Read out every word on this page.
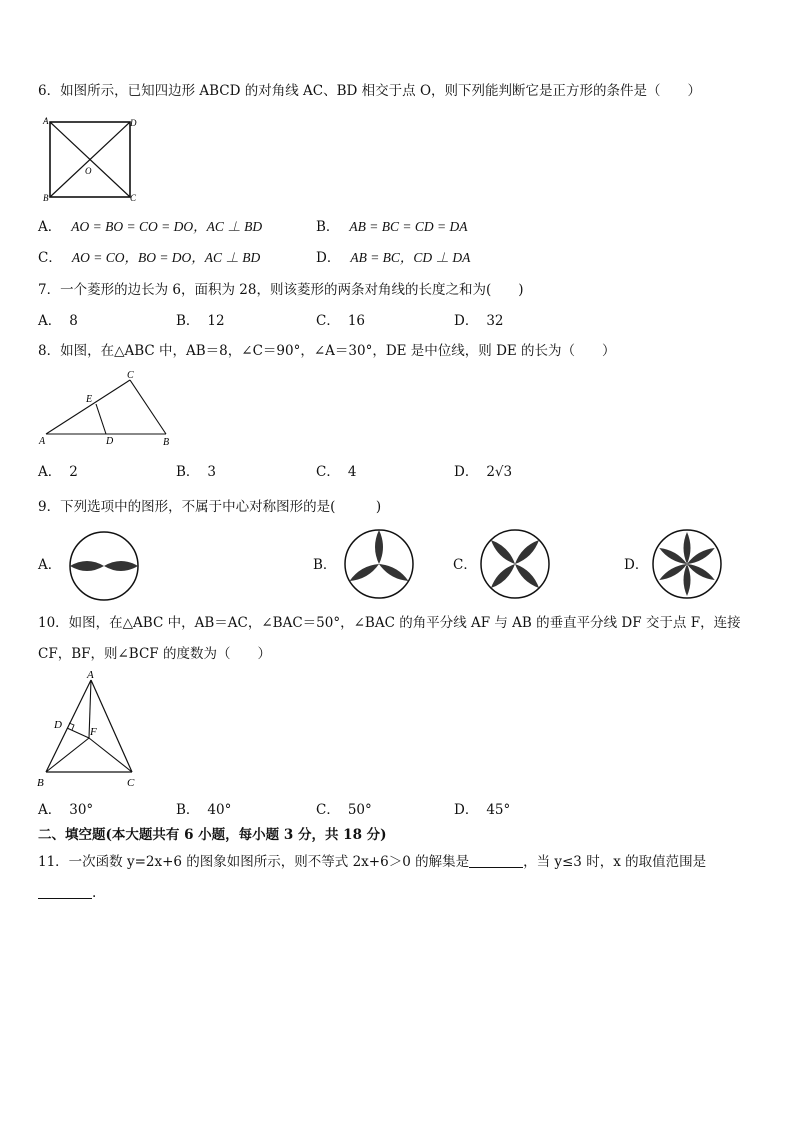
6．如图所示，已知四边形 ABCD 的对角线 AC、BD 相交于点 O，则下列能判断它是正方形的条件是（　　）
A	D
B	C
O
A． AO = BO = CO = DO，AC ⊥ BD	B． AB = BC = CD = DA
C． AO = CO，BO = DO，AC ⊥ BD	D． AB = BC，CD ⊥ DA
7．一个菱形的边长为 6，面积为 28，则该菱形的两条对角线的长度之和为(　　)
A． 8	B． 12	C． 16	D． 32
8．如图，在△ABC 中，AB＝8，∠C＝90°，∠A＝30°，DE 是中位线，则 DE 的长为（　　）
A	B
C
D
E
A． 2	B． 3	C． 4	D． 2√3
9．下列选项中的图形，不属于中心对称图形的是(　　　)
A．	B．	C．	D．
10．如图，在△ABC 中，AB＝AC，∠BAC＝50°，∠BAC 的角平分线 AF 与 AB 的垂直平分线 DF 交于点 F，连接
CF，BF，则∠BCF 的度数为（　　）
A
B	C
D
F
A． 30°	B． 40°	C． 50°	D． 45°
二、填空题(本大题共有 6 小题，每小题 3 分，共 18 分)
11．一次函数 y=2x+6 的图象如图所示，则不等式 2x+6＞0 的解集是	，当 y≤3 时，x 的取值范围是
.
